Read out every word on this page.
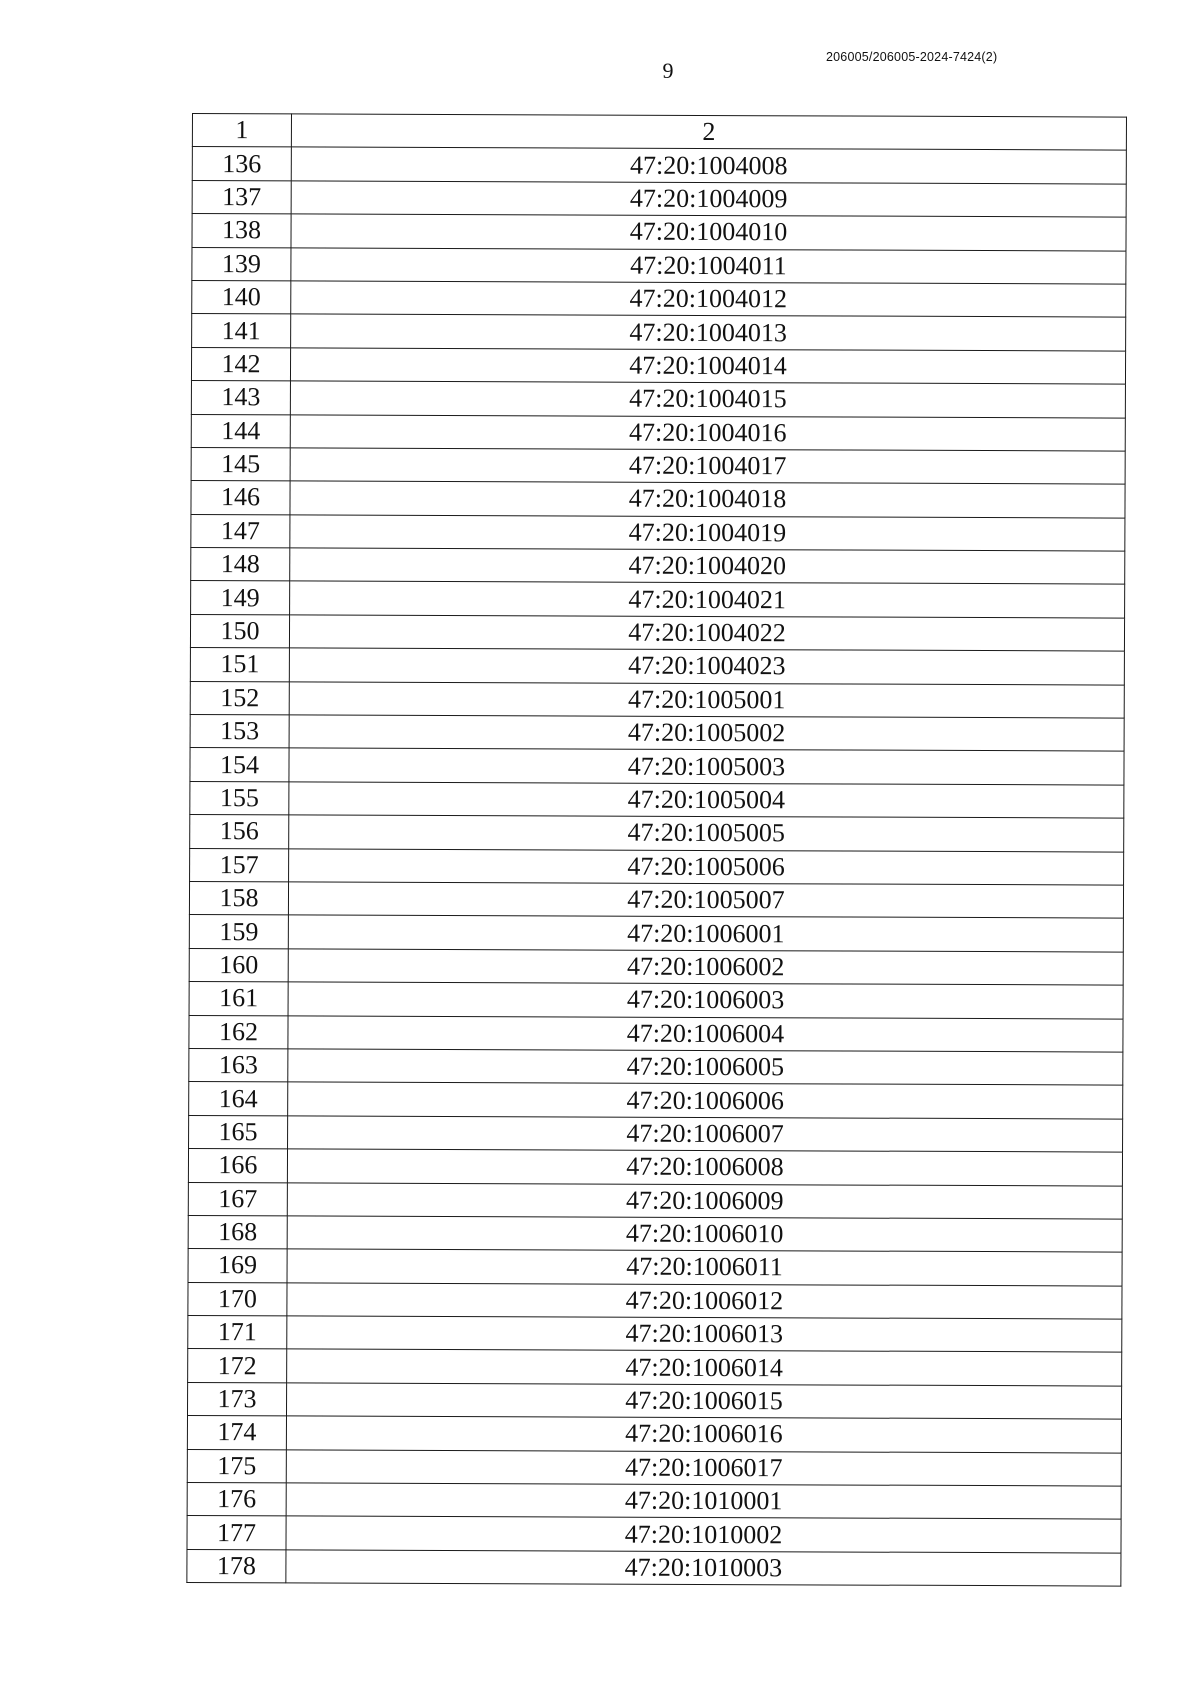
9
206005/206005-2024-7424(2)
1	2
136	47:20:1004008
137	47:20:1004009
138	47:20:1004010
139	47:20:1004011
140	47:20:1004012
141	47:20:1004013
142	47:20:1004014
143	47:20:1004015
144	47:20:1004016
145	47:20:1004017
146	47:20:1004018
147	47:20:1004019
148	47:20:1004020
149	47:20:1004021
150	47:20:1004022
151	47:20:1004023
152	47:20:1005001
153	47:20:1005002
154	47:20:1005003
155	47:20:1005004
156	47:20:1005005
157	47:20:1005006
158	47:20:1005007
159	47:20:1006001
160	47:20:1006002
161	47:20:1006003
162	47:20:1006004
163	47:20:1006005
164	47:20:1006006
165	47:20:1006007
166	47:20:1006008
167	47:20:1006009
168	47:20:1006010
169	47:20:1006011
170	47:20:1006012
171	47:20:1006013
172	47:20:1006014
173	47:20:1006015
174	47:20:1006016
175	47:20:1006017
176	47:20:1010001
177	47:20:1010002
178	47:20:1010003
